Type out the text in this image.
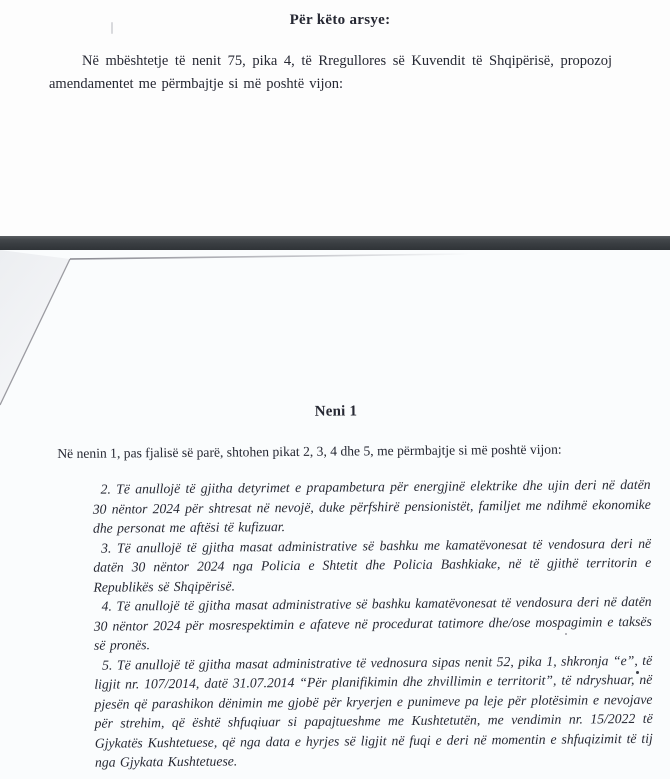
Për këto arsye:
Në mbështetje të nenit 75, pika 4, të Rregullores së Kuvendit të Shqipërisë, propozoj amendamentet me përmbajtje si më poshtë vijon:
Neni 1
Në nenin 1, pas fjalisë së parë, shtohen pikat 2, 3, 4 dhe 5, me përmbajtje si më poshtë vijon:

2. Të anullojë të gjitha detyrimet e prapambetura për energjinë elektrike dhe ujin deri në datën 30 nëntor 2024 për shtresat në nevojë, duke përfshirë pensionistët, familjet me ndihmë ekonomike dhe personat me aftësi të kufizuar.

3. Të anullojë të gjitha masat administrative së bashku me kamatëvonesat të vendosura deri në datën 30 nëntor 2024 nga Policia e Shtetit dhe Policia Bashkiake, në të gjithë territorin e Republikës së Shqipërisë.

4. Të anullojë të gjitha masat administrative së bashku kamatëvonesat të vendosura deri në datën 30 nëntor 2024 për mosrespektimin e afateve në procedurat tatimore dhe/ose mospagimin e taksës së pronës.

5. Të anullojë të gjitha masat administrative të vednosura sipas nenit 52, pika 1, shkronja “e”, të ligjit nr. 107/2014, datë 31.07.2014 “Për planifikimin dhe zhvillimin e territorit”, të ndryshuar, në pjesën që parashikon dënimin me gjobë për kryerjen e punimeve pa leje për plotësimin e nevojave për strehim, që është shfuqiuar si papajtueshme me Kushtetutën, me vendimin nr. 15/2022 të Gjykatës Kushtetuese, që nga data e hyrjes së ligjit në fuqi e deri në momentin e shfuqizimit të tij nga Gjykata Kushtetuese.
